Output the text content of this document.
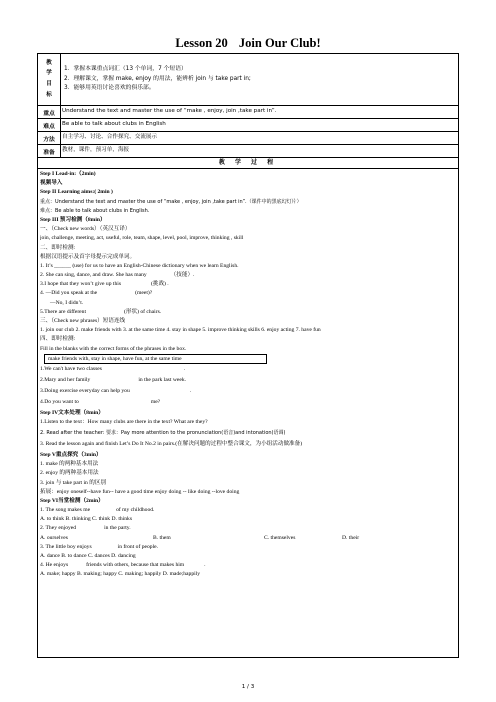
Lesson 20 Join Our Club!
教
学
目
标
1．掌握本课重点词汇（13 个单词，7 个短语）
2．理解课文，掌握 make, enjoy 的用法，能辨析 join 与 take part in;
3．能够用英语讨论喜欢的俱乐部。
重点	Understand the text and master the use of “make , enjoy, join ,take part in”.
难点	Be able to talk about clubs in English
方法	自主学习、讨论、合作探究、交流展示
准备	教材，课件，预习单，海报
教 学 过 程
Step I Lead-in:（2min)
视频导入
Step II Learning aims:( 2min )
重点：Understand the text and master the use of “make , enjoy, join ,take part in”.（课件中的黑底幻灯片）
难点：Be able to talk about clubs in English.
Step III 预习检测（8min）
一、（Check new words）（英汉互译）
join, challenge, meeting, act, useful, role, team, shape, level, pool, improve, thinking , skill
二、即时检测:
根据汉语提示及首字母提示完成单词。
1. It’s ______ (use) for us to have an English-Chinese dictionary when we learn English.
2. She can sing, dance, and draw. She has many	（技能）.
3.I hope that they won’t give up this	(挑战) .
4. —Did you speak at the	(meet)?
—No, I didn’t.
5.There are different	(形状) of chairs.
三、（Check new phrases）短语连线
1. join our club 2. make friends with 3. at the same time 4. stay in shape 5. improve thinking skills 6. enjoy acting 7. have fun
四、即时检测:
Fill in the blanks with the correct forms of the phrases in the box.
make friends with, stay in shape, have fun, at the same time
1.We can't have two classes	.
2.Mary and her family	in the park last week.
3.Doing exercise everyday can help you	.
4.Do you want to	me?
Step IV文本处理（8min）
1.Listen to the text：How many clubs are there in the text? What are they?
2. Read after the teacher: 要求：Pay more attention to the pronunciation(语音)and intonation(语调)
3. Read the lesson again and finish Let’s Do It No.2 in pairs.(在解决问题的过程中整合课文，为小组活动做准备)
Step V重点探究（3min）
1. make 的两种基本用法
2. enjoy 的两种基本用法
3. join 与 take part in 的区别
拓展：enjoy oneself--have fun-- have a good time enjoy doing -- like doing --love doing
Step VI当堂检测（2min）
1. The song makes me	of my childhood.
A. to think B. thinking C. think D. thinks
2. They enjoyed	in the party.
A. ourselves	B. them	C. themselves	D. their
3. The little boy enjoys	in front of people.
A. dance B. to dance C. dances D. dancing
4. He enjoys	friends with others, because that makes him	.
A. make; happy B. making; happy C. making; happily D. made;happily
1 / 3
